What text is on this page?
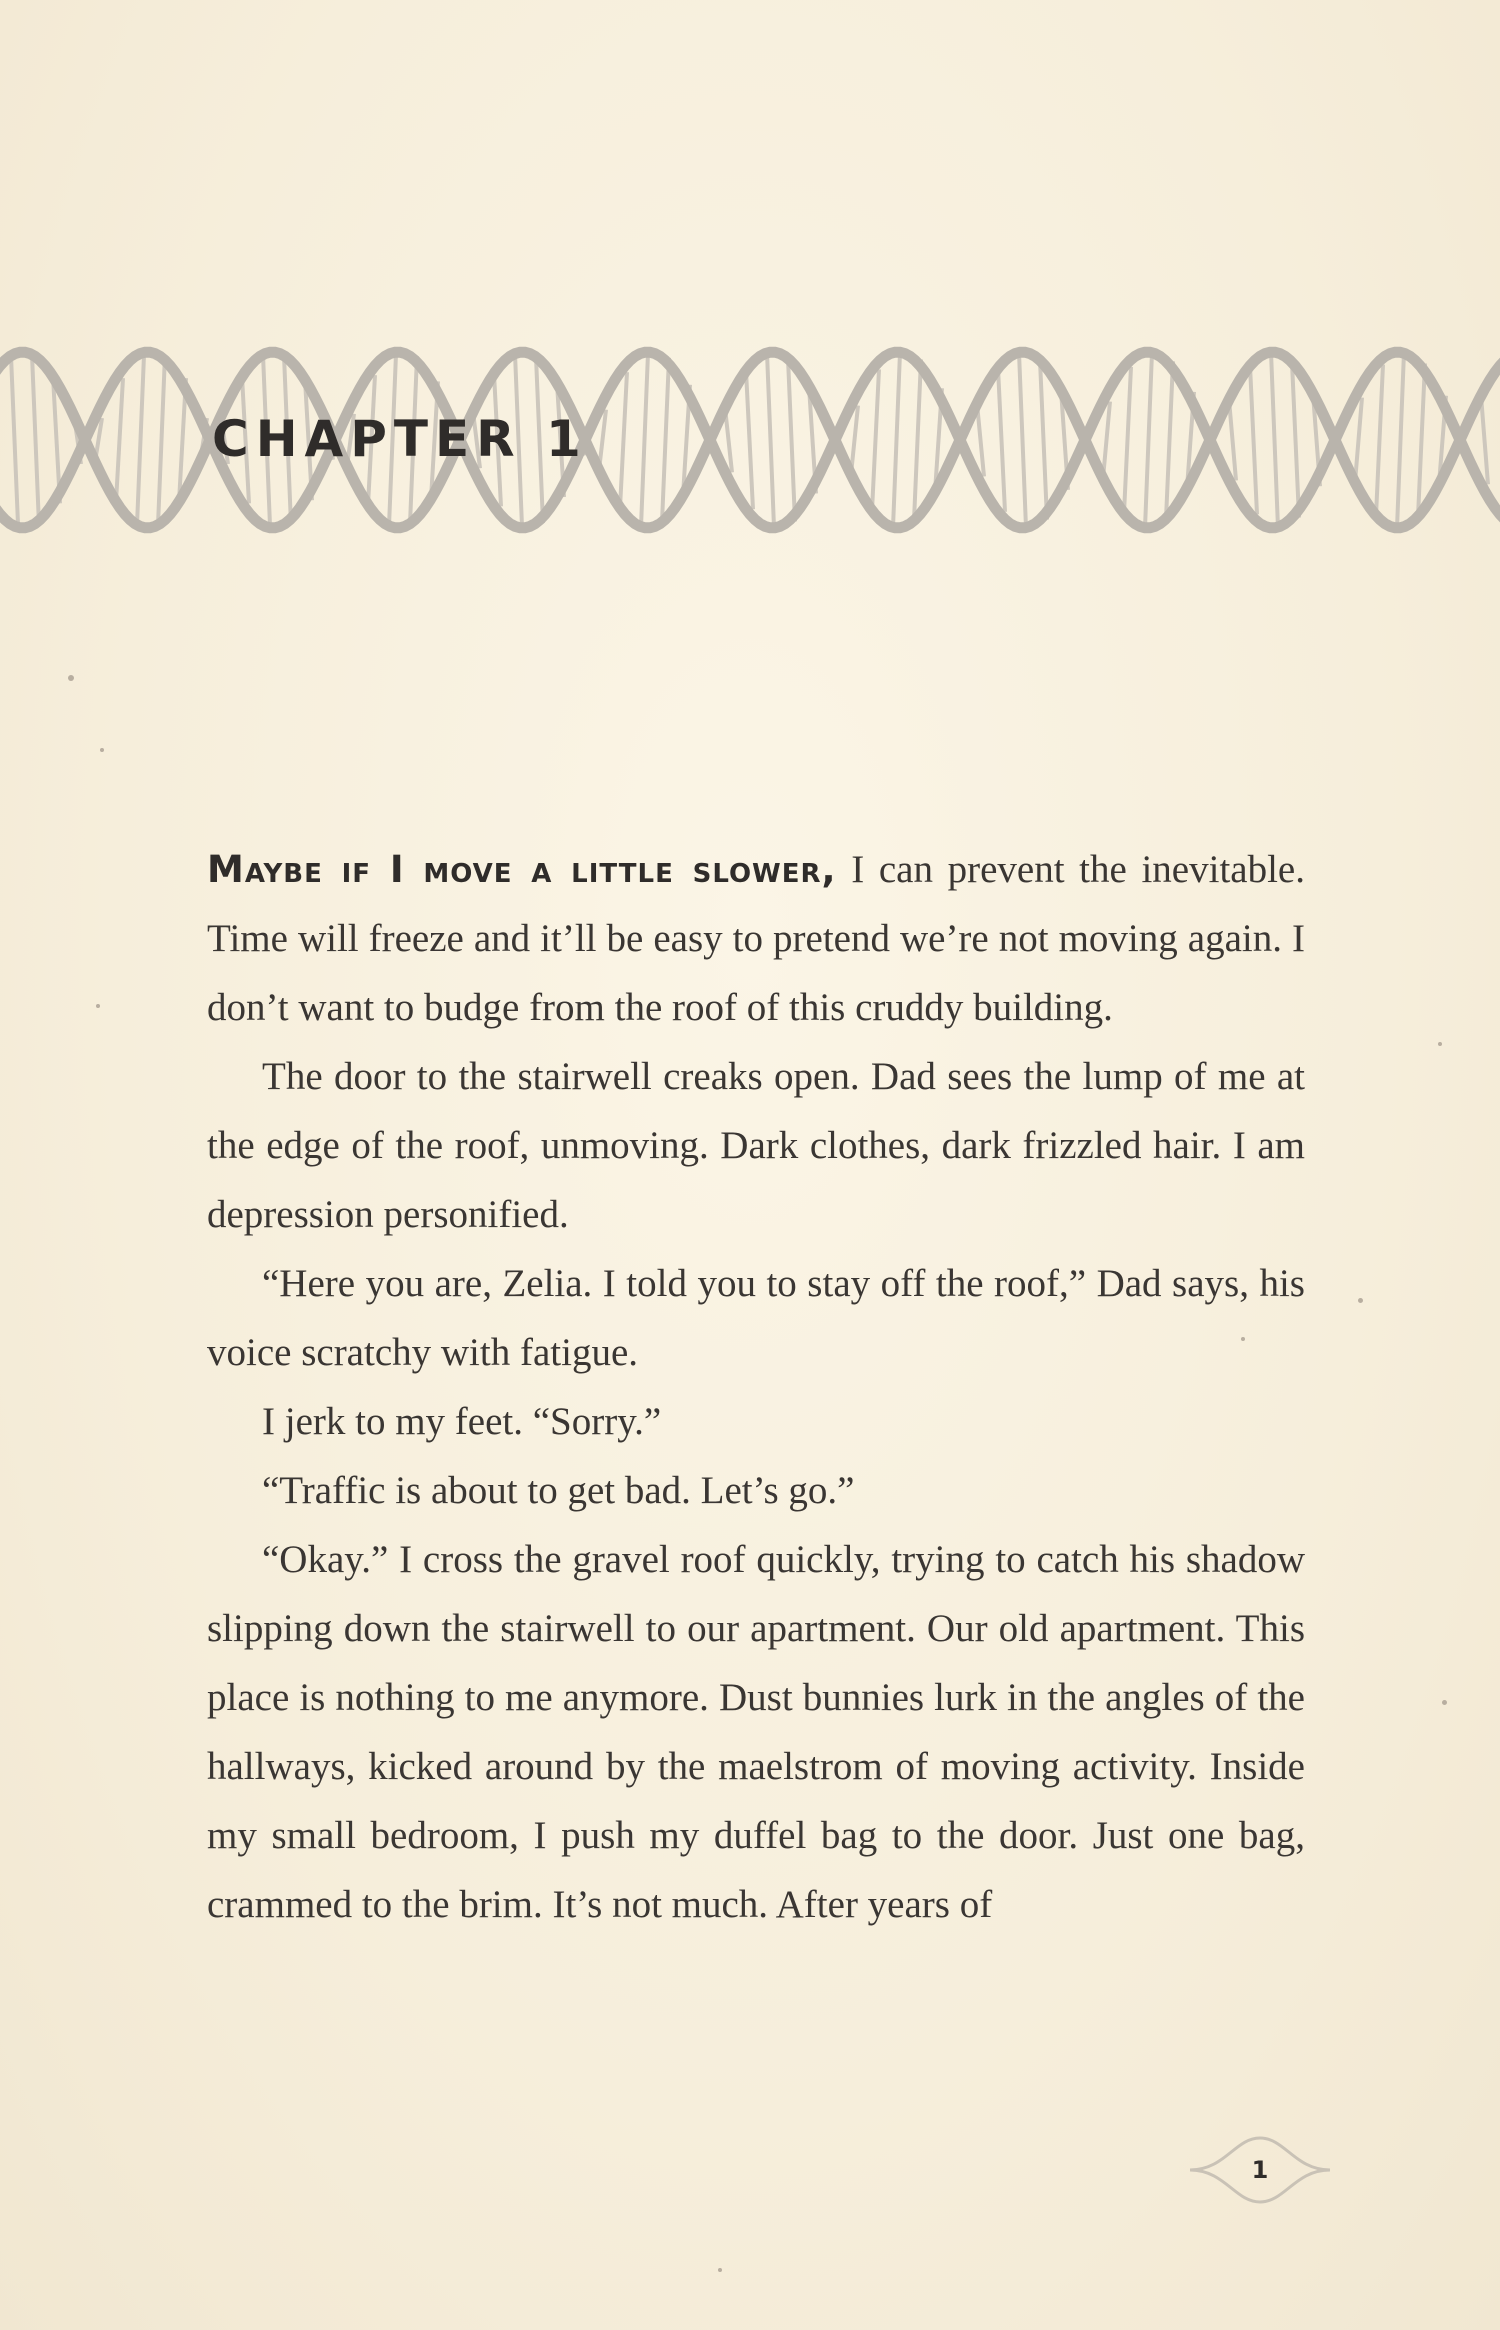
CHAPTER 1

Maybe if I move a little slower, I can prevent the inevitable. Time will freeze and it’ll be easy to pretend we’re not moving again. I don’t want to budge from the roof of this cruddy building.

The door to the stairwell creaks open. Dad sees the lump of me at the edge of the roof, unmoving. Dark clothes, dark frizzled hair. I am depression personified.

“Here you are, Zelia. I told you to stay off the roof,” Dad says, his voice scratchy with fatigue.

I jerk to my feet. “Sorry.”

“Traffic is about to get bad. Let’s go.”

“Okay.” I cross the gravel roof quickly, trying to catch his shadow slipping down the stairwell to our apartment. Our old apartment. This place is nothing to me anymore. Dust bunnies lurk in the angles of the hallways, kicked around by the maelstrom of moving activity. Inside my small bedroom, I push my duffel bag to the door. Just one bag, crammed to the brim. It’s not much. After years of

1
